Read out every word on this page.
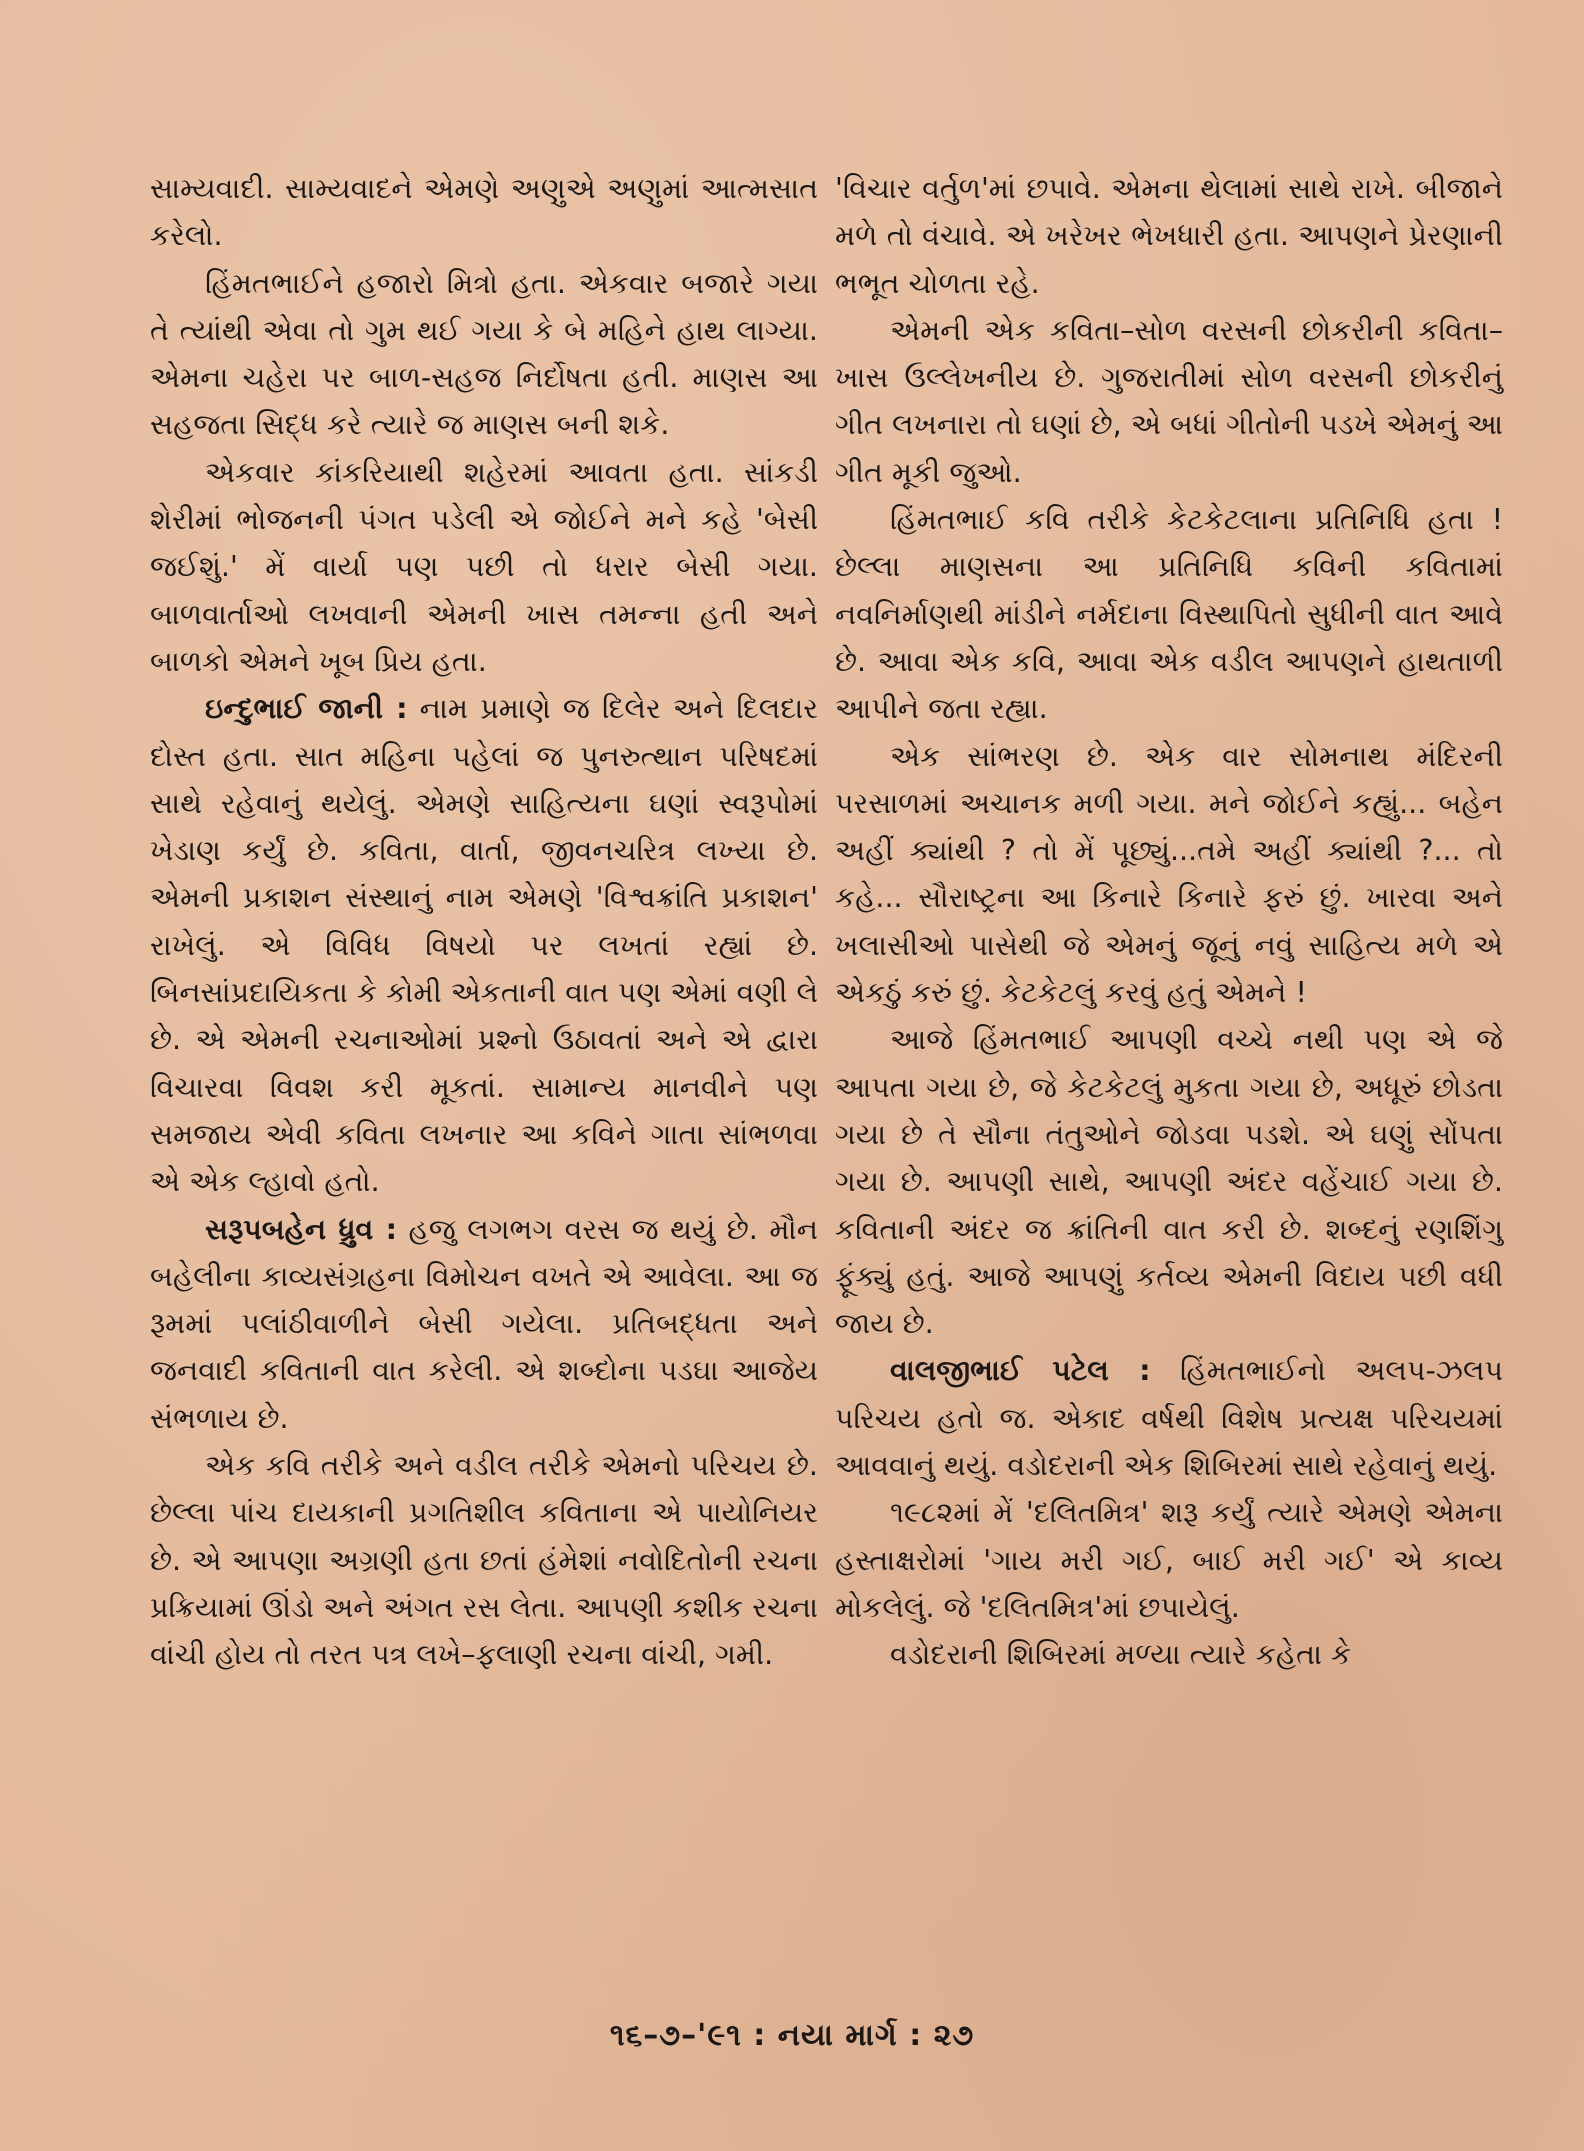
સામ્યવાદી. સામ્યવાદને એમણે અણુએ અણુમાં આત્મસાત કરેલો.

હિંમતભાઈને હજારો મિત્રો હતા. એકવાર બજારે ગયા તે ત્યાંથી એવા તો ગુમ થઈ ગયા કે બે મહિને હાથ લાગ્યા. એમના ચહેરા પર બાળ-સહજ નિર્દોષતા હતી. માણસ આ સહજતા સિદ્ધ કરે ત્યારે જ માણસ બની શકે.

એકવાર કાંકરિયાથી શહેરમાં આવતા હતા. સાંકડી શેરીમાં ભોજનની પંગત પડેલી એ જોઈને મને કહે 'બેસી જઈશું.' મેં વાર્યા પણ પછી તો ધરાર બેસી ગયા. બાળવાર્તાઓ લખવાની એમની ખાસ તમન્ના હતી અને બાળકો એમને ખૂબ પ્રિય હતા.

ઇન્દુભાઈ જાની : નામ પ્રમાણે જ દિલેર અને દિલદાર દોસ્ત હતા. સાત મહિના પહેલાં જ પુનરુત્થાન પરિષદમાં સાથે રહેવાનું થયેલું. એમણે સાહિત્યના ઘણાં સ્વરૂપોમાં ખેડાણ કર્યું છે. કવિતા, વાર્તા, જીવનચરિત્ર લખ્યા છે. એમની પ્રકાશન સંસ્થાનું નામ એમણે 'વિશ્વક્રાંતિ પ્રકાશન' રાખેલું. એ વિવિધ વિષયો પર લખતાં રહ્યાં છે. બિનસાંપ્રદાયિકતા કે કોમી એકતાની વાત પણ એમાં વણી લે છે. એ એમની રચનાઓમાં પ્રશ્નો ઉઠાવતાં અને એ દ્વારા વિચારવા વિવશ કરી મૂકતાં. સામાન્ય માનવીને પણ સમજાય એવી કવિતા લખનાર આ કવિને ગાતા સાંભળવા એ એક લ્હાવો હતો.

સરૂપબહેન ધ્રુવ : હજુ લગભગ વરસ જ થયું છે. મૌન બહેલીના કાવ્યસંગ્રહના વિમોચન વખતે એ આવેલા. આ જ રૂમમાં પલાંઠીવાળીને બેસી ગયેલા. પ્રતિબદ્ધતા અને જનવાદી કવિતાની વાત કરેલી. એ શબ્દોના પડઘા આજેય સંભળાય છે.

એક કવિ તરીકે અને વડીલ તરીકે એમનો પરિચય છે. છેલ્લા પાંચ દાયકાની પ્રગતિશીલ કવિતાના એ પાયોનિયર છે. એ આપણા અગ્રણી હતા છતાં હંમેશાં નવોદિતોની રચના પ્રક્રિયામાં ઊંડો અને અંગત રસ લેતા. આપણી કશીક રચના વાંચી હોય તો તરત પત્ર લખે–ફલાણી રચના વાંચી, ગમી.

'વિચાર વર્તુળ'માં છપાવે. એમના થેલામાં સાથે રાખે. બીજાને મળે તો વંચાવે. એ ખરેખર ભેખધારી હતા. આપણને પ્રેરણાની ભભૂત ચોળતા રહે.

એમની એક કવિતા–સોળ વરસની છોકરીની કવિતા–ખાસ ઉલ્લેખનીય છે. ગુજરાતીમાં સોળ વરસની છોકરીનું ગીત લખનારા તો ઘણાં છે, એ બધાં ગીતોની પડખે એમનું આ ગીત મૂકી જુઓ.

હિંમતભાઈ કવિ તરીકે કેટકેટલાના પ્રતિનિધિ હતા ! છેલ્લા માણસના આ પ્રતિનિધિ કવિની કવિતામાં નવનિર્માણથી માંડીને નર્મદાના વિસ્થાપિતો સુધીની વાત આવે છે. આવા એક કવિ, આવા એક વડીલ આપણને હાથતાળી આપીને જતા રહ્યા.

એક સાંભરણ છે. એક વાર સોમનાથ મંદિરની પરસાળમાં અચાનક મળી ગયા. મને જોઈને કહ્યું... બહેન અહીં ક્યાંથી ? તો મેં પૂછ્યું...તમે અહીં ક્યાંથી ?... તો કહે... સૌરાષ્ટ્રના આ કિનારે કિનારે ફરું છું. ખારવા અને ખલાસીઓ પાસેથી જે એમનું જૂનું નવું સાહિત્ય મળે એ એકઠું કરું છું. કેટકેટલું કરવું હતું એમને !

આજે હિંમતભાઈ આપણી વચ્ચે નથી પણ એ જે આપતા ગયા છે, જે કેટકેટલું મુકતા ગયા છે, અધૂરું છોડતા ગયા છે તે સૌના તંતુઓને જોડવા પડશે. એ ઘણું સોંપતા ગયા છે. આપણી સાથે, આપણી અંદર વહેંચાઈ ગયા છે. કવિતાની અંદર જ ક્રાંતિની વાત કરી છે. શબ્દનું રણશિંગુ ફૂંક્યું હતું. આજે આપણું કર્તવ્ય એમની વિદાય પછી વધી જાય છે.

વાલજીભાઈ પટેલ : હિંમતભાઈનો અલપ-ઝલપ પરિચય હતો જ. એકાદ વર્ષથી વિશેષ પ્રત્યક્ષ પરિચયમાં આવવાનું થયું. વડોદરાની એક શિબિરમાં સાથે રહેવાનું થયું.

૧૯૮૨માં મેં 'દલિતમિત્ર' શરૂ કર્યું ત્યારે એમણે એમના હસ્તાક્ષરોમાં 'ગાય મરી ગઈ, બાઈ મરી ગઈ' એ કાવ્ય મોકલેલું. જે 'દલિતમિત્ર'માં છપાયેલું.

વડોદરાની શિબિરમાં મળ્યા ત્યારે કહેતા કે

૧૬–૭–'૯૧ : નયા માર્ગ : ૨૭
